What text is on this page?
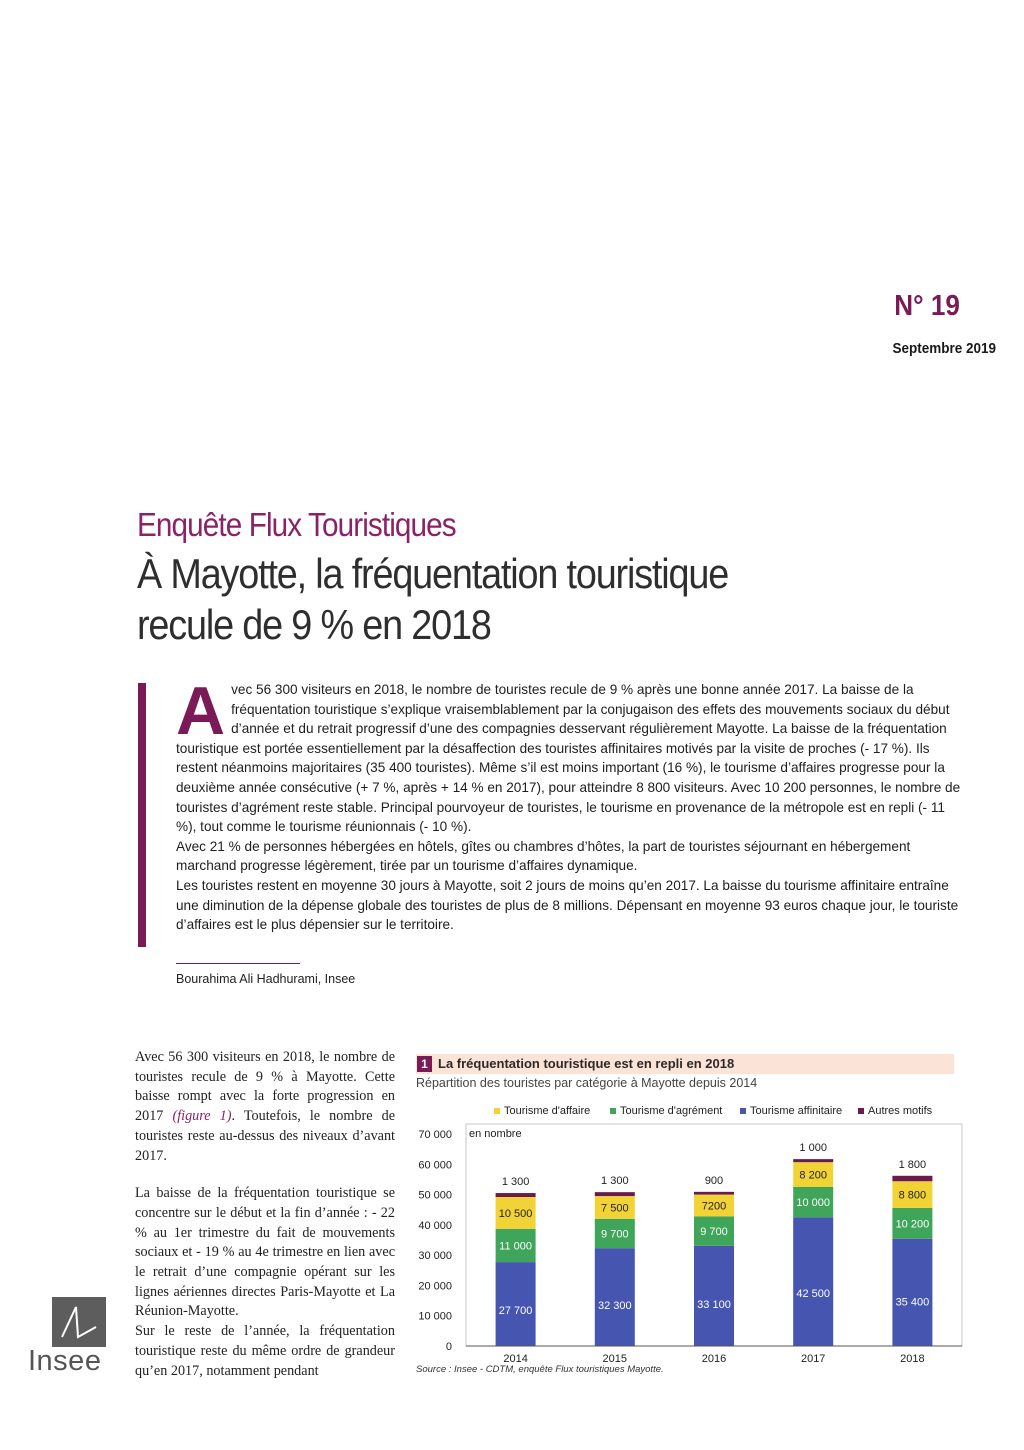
N° 19
Septembre 2019
Enquête Flux Touristiques
À Mayotte, la fréquentation touristique
recule de 9 % en 2018

Avec 56 300 visiteurs en 2018, le nombre de touristes recule de 9 % après une bonne année 2017. La baisse de la fréquentation touristique s’explique vraisemblablement par la conjugaison des effets des mouvements sociaux du début d’année et du retrait progressif d’une des compagnies desservant régulièrement Mayotte. La baisse de la fréquentation touristique est portée essentiellement par la désaffection des touristes affinitaires motivés par la visite de proches (- 17 %). Ils restent néanmoins majoritaires (35 400 touristes). Même s’il est moins important (16 %), le tourisme d’affaires progresse pour la deuxième année consécutive (+ 7 %, après + 14 % en 2017), pour atteindre 8 800 visiteurs. Avec 10 200 personnes, le nombre de touristes d’agrément reste stable. Principal pourvoyeur de touristes, le tourisme en provenance de la métropole est en repli (- 11 %), tout comme le tourisme réunionnais (- 10 %).

Avec 21 % de personnes hébergées en hôtels, gîtes ou chambres d’hôtes, la part de touristes séjournant en hébergement marchand progresse légèrement, tirée par un tourisme d’affaires dynamique.

Les touristes restent en moyenne 30 jours à Mayotte, soit 2 jours de moins qu’en 2017. La baisse du tourisme affinitaire entraîne une diminution de la dépense globale des touristes de plus de 8 millions. Dépensant en moyenne 93 euros chaque jour, le touriste d’affaires est le plus dépensier sur le territoire.

Bourahima Ali Hadhurami, Insee

Avec 56 300 visiteurs en 2018, le nombre de touristes recule de 9 % à Mayotte. Cette baisse rompt avec la forte progression en 2017 (figure 1). Toutefois, le nombre de touristes reste au-dessus des niveaux d’avant 2017.

La baisse de la fréquentation touristique se concentre sur le début et la fin d’année : - 22 % au 1er trimestre du fait de mouvements sociaux et - 19 % au 4e trimestre en lien avec le retrait d’une compagnie opérant sur les lignes aériennes directes Paris-Mayotte et La Réunion-Mayotte.

Sur le reste de l’année, la fréquentation touristique reste du même ordre de grandeur qu’en 2017, notamment pendant

Insee
1 La fréquentation touristique est en repli en 2018
Répartition des touristes par catégorie à Mayotte depuis 2014
Tourisme d'affaire	Tourisme d'agrément	Tourisme affinitaire Autres motifs
en nombre
0
10 000
20 000
30 000
40 000
50 000
60 000
70 000
27 700
11 000
10 500
1 300
2014
32 300
9 700
7 500
1 300
2015
33 100
9 700
7200
900
2016
42 500
10 000
8 200
1 000
2017
35 400
10 200
8 800
1 800
2018
Source : Insee - CDTM, enquête Flux touristiques Mayotte.
